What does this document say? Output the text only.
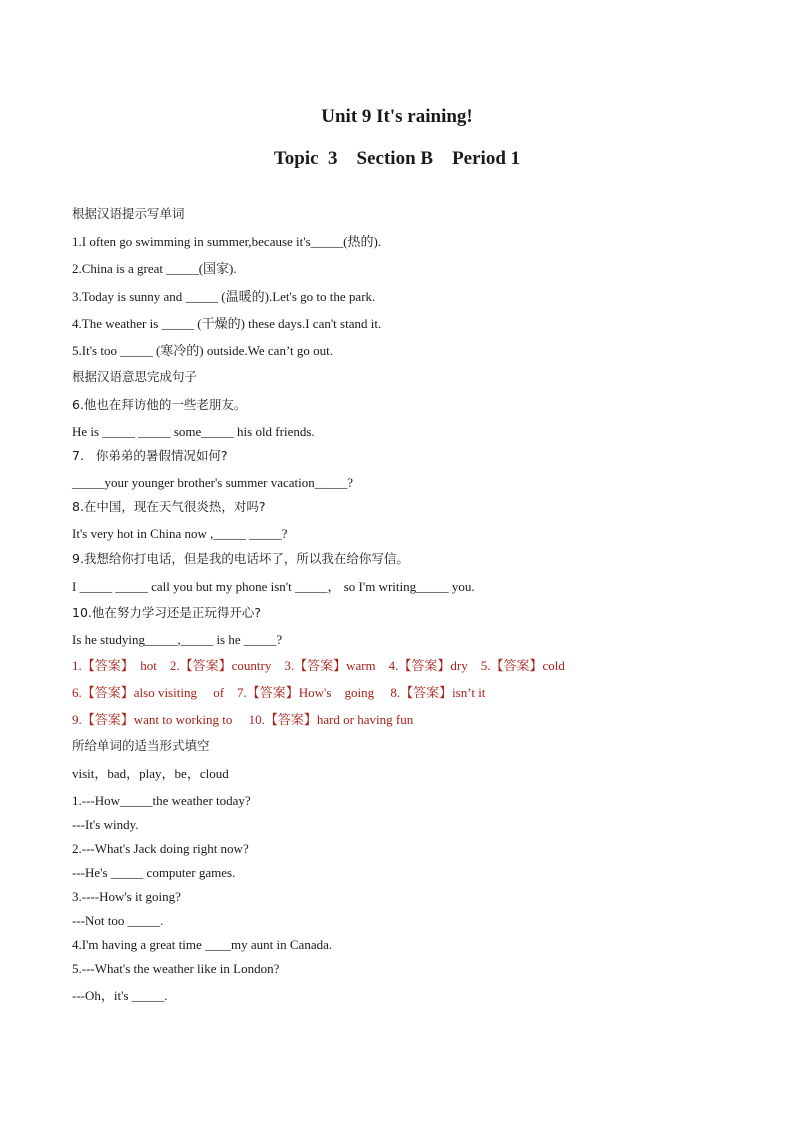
Unit 9 It's raining!
Topic  3    Section B    Period 1
根据汉语提示写单词
1.I often go swimming in summer,because it's_____(热的).
2.China is a great _____(国家).
3.Today is sunny and _____ (温暖的).Let's go to the park.
4.The weather is _____ (干燥的) these days.I can't stand it.
5.It's too _____ (寒冷的) outside.We can’t go out.
根据汉语意思完成句子
6.他也在拜访他的一些老朋友。
He is _____ _____ some_____ his old friends.
7.   你弟弟的暑假情况如何?
_____your younger brother's summer vacation_____?
8.在中国，现在天气很炎热，对吗?
It's very hot in China now ,_____ _____?
9.我想给你打电话，但是我的电话坏了，所以我在给你写信。
I _____ _____ call you but my phone isn't _____， so I'm writing_____ you.
10.他在努力学习还是正玩得开心?
Is he studying_____,_____ is he _____?
1.【答案】  hot    2.【答案】country    3.【答案】warm    4.【答案】dry    5.【答案】cold
6.【答案】also visiting     of    7.【答案】How's    going     8.【答案】isn’t it
9.【答案】want to working to     10.【答案】hard or having fun
所给单词的适当形式填空
visit，bad，play，be，cloud
1.---How_____the weather today?
---It's windy.
2.---What's Jack doing right now?
---He's _____ computer games.
3.----How's it going?
---Not too _____.
4.I'm having a great time ____my aunt in Canada.
5.---What's the weather like in London?
---Oh，it's _____.
